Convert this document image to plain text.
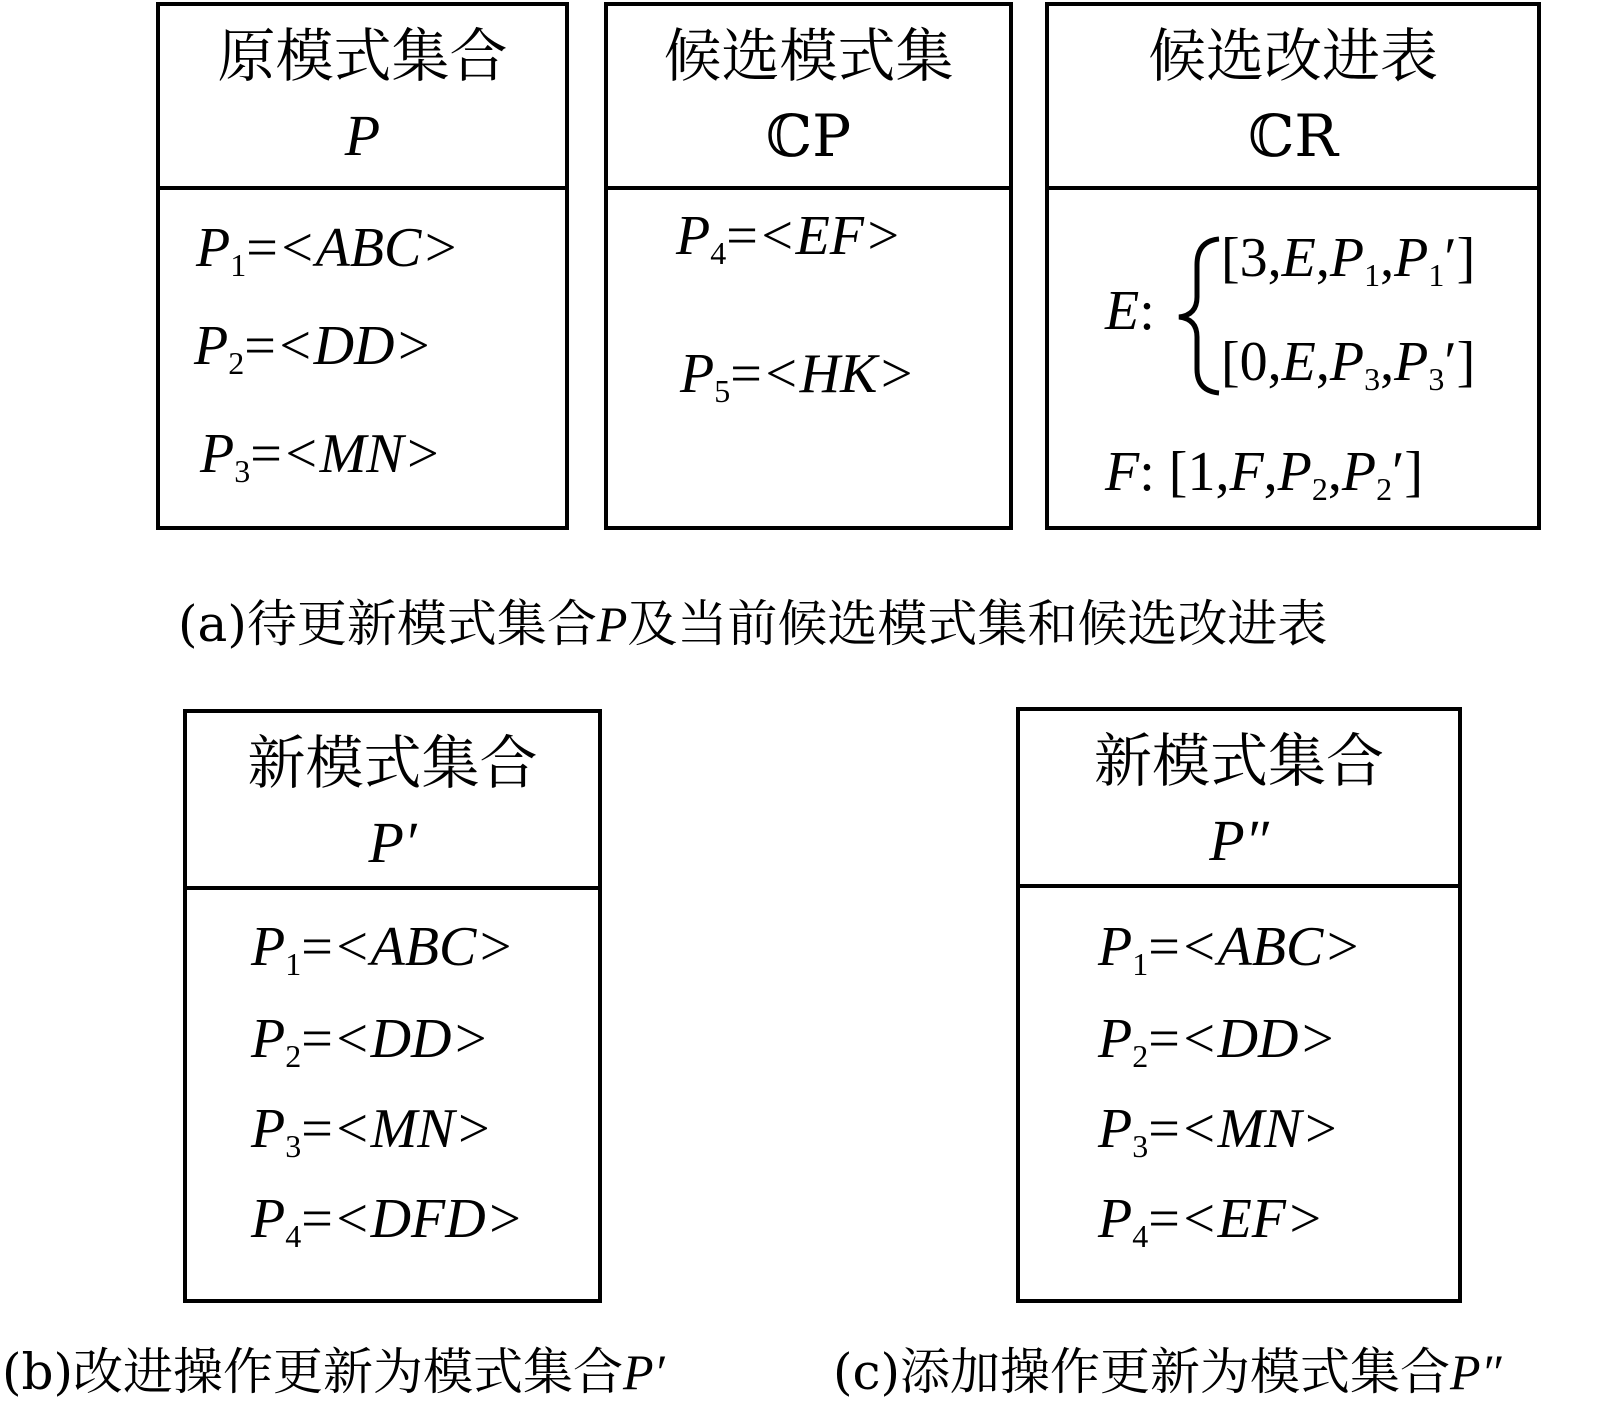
原模式集合
P
$P_1=<ABC>$
$P_2=<DD>$
$P_3=<MN>$
候选模式集
ℂP
$P_4=<EF>$
$P_5=<HK>$
候选改进表
ℂR
E:
$[3,E,P_1,P_1']$
$[0,E,P_3,P_3']$
F: $[1,F,P_2,P_2']$
(a)待更新模式集合P及当前候选模式集和候选改进表
新模式集合
P′
$P_1=<ABC>$
$P_2=<DD>$
$P_3=<MN>$
$P_4=<DFD>$
新模式集合
P″
$P_1=<ABC>$
$P_2=<DD>$
$P_3=<MN>$
$P_4=<EF>$
(b)改进操作更新为模式集合P′	(c)添加操作更新为模式集合P″
